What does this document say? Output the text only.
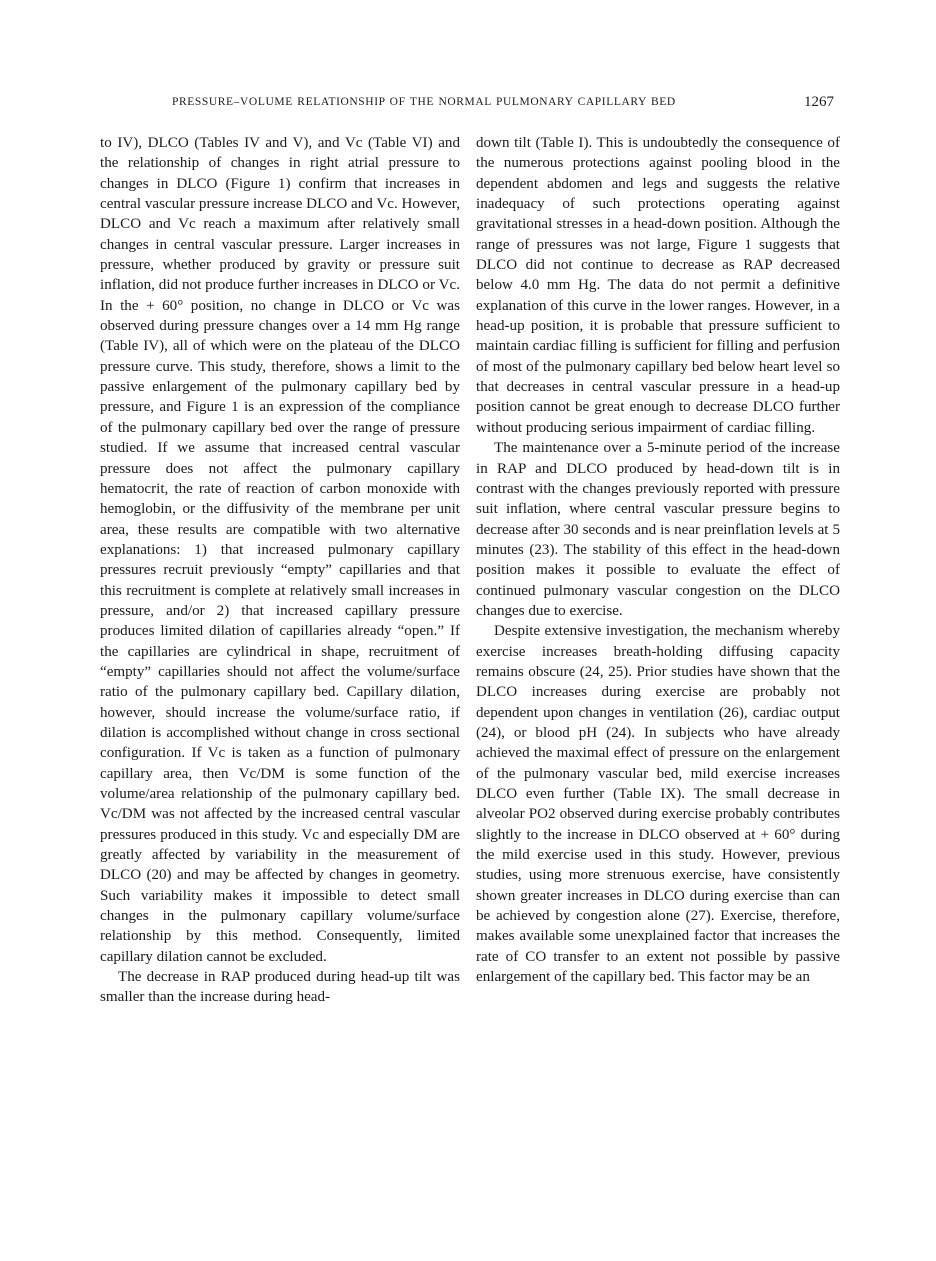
PRESSURE–VOLUME RELATIONSHIP OF THE NORMAL PULMONARY CAPILLARY BED	1267

to IV), DLCO (Tables IV and V), and Vc (Table VI) and the relationship of changes in right atrial pressure to changes in DLCO (Figure 1) confirm that increases in central vascular pressure increase DLCO and Vc. However, DLCO and Vc reach a maximum after relatively small changes in central vascular pressure. Larger increases in pressure, whether produced by gravity or pressure suit inflation, did not produce further increases in DLCO or Vc. In the + 60° position, no change in DLCO or Vc was observed during pressure changes over a 14 mm Hg range (Table IV), all of which were on the plateau of the DLCO pressure curve. This study, therefore, shows a limit to the passive enlargement of the pulmonary capillary bed by pressure, and Figure 1 is an expression of the compliance of the pulmonary capillary bed over the range of pressure studied. If we assume that increased central vascular pressure does not affect the pulmonary capillary hematocrit, the rate of reaction of carbon monoxide with hemoglobin, or the diffusivity of the membrane per unit area, these results are compatible with two alternative explanations: 1) that increased pulmonary capillary pressures recruit previously “empty” capillaries and that this recruitment is complete at relatively small increases in pressure, and/or 2) that increased capillary pressure produces limited dilation of capillaries already “open.” If the capillaries are cylindrical in shape, recruitment of “empty” capillaries should not affect the volume/surface ratio of the pulmonary capillary bed. Capillary dilation, however, should increase the volume/surface ratio, if dilation is accomplished without change in cross sectional configuration. If Vc is taken as a function of pulmonary capillary area, then Vc/DM is some function of the volume/area relationship of the pulmonary capillary bed. Vc/DM was not affected by the increased central vascular pressures produced in this study. Vc and especially DM are greatly affected by variability in the measurement of DLCO (20) and may be affected by changes in geometry. Such variability makes it impossible to detect small changes in the pulmonary capillary volume/surface relationship by this method. Consequently, limited capillary dilation cannot be excluded.

The decrease in RAP produced during head-up tilt was smaller than the increase during head-

down tilt (Table I). This is undoubtedly the consequence of the numerous protections against pooling blood in the dependent abdomen and legs and suggests the relative inadequacy of such protections operating against gravitational stresses in a head-down position. Although the range of pressures was not large, Figure 1 suggests that DLCO did not continue to decrease as RAP decreased below 4.0 mm Hg. The data do not permit a definitive explanation of this curve in the lower ranges. However, in a head-up position, it is probable that pressure sufficient to maintain cardiac filling is sufficient for filling and perfusion of most of the pulmonary capillary bed below heart level so that decreases in central vascular pressure in a head-up position cannot be great enough to decrease DLCO further without producing serious impairment of cardiac filling.

The maintenance over a 5-minute period of the increase in RAP and DLCO produced by head-down tilt is in contrast with the changes previously reported with pressure suit inflation, where central vascular pressure begins to decrease after 30 seconds and is near preinflation levels at 5 minutes (23). The stability of this effect in the head-down position makes it possible to evaluate the effect of continued pulmonary vascular congestion on the DLCO changes due to exercise.

Despite extensive investigation, the mechanism whereby exercise increases breath-holding diffusing capacity remains obscure (24, 25). Prior studies have shown that the DLCO increases during exercise are probably not dependent upon changes in ventilation (26), cardiac output (24), or blood pH (24). In subjects who have already achieved the maximal effect of pressure on the enlargement of the pulmonary vascular bed, mild exercise increases DLCO even further (Table IX). The small decrease in alveolar PO2 observed during exercise probably contributes slightly to the increase in DLCO observed at + 60° during the mild exercise used in this study. However, previous studies, using more strenuous exercise, have consistently shown greater increases in DLCO during exercise than can be achieved by congestion alone (27). Exercise, therefore, makes available some unexplained factor that increases the rate of CO transfer to an extent not possible by passive enlargement of the capillary bed. This factor may be an
